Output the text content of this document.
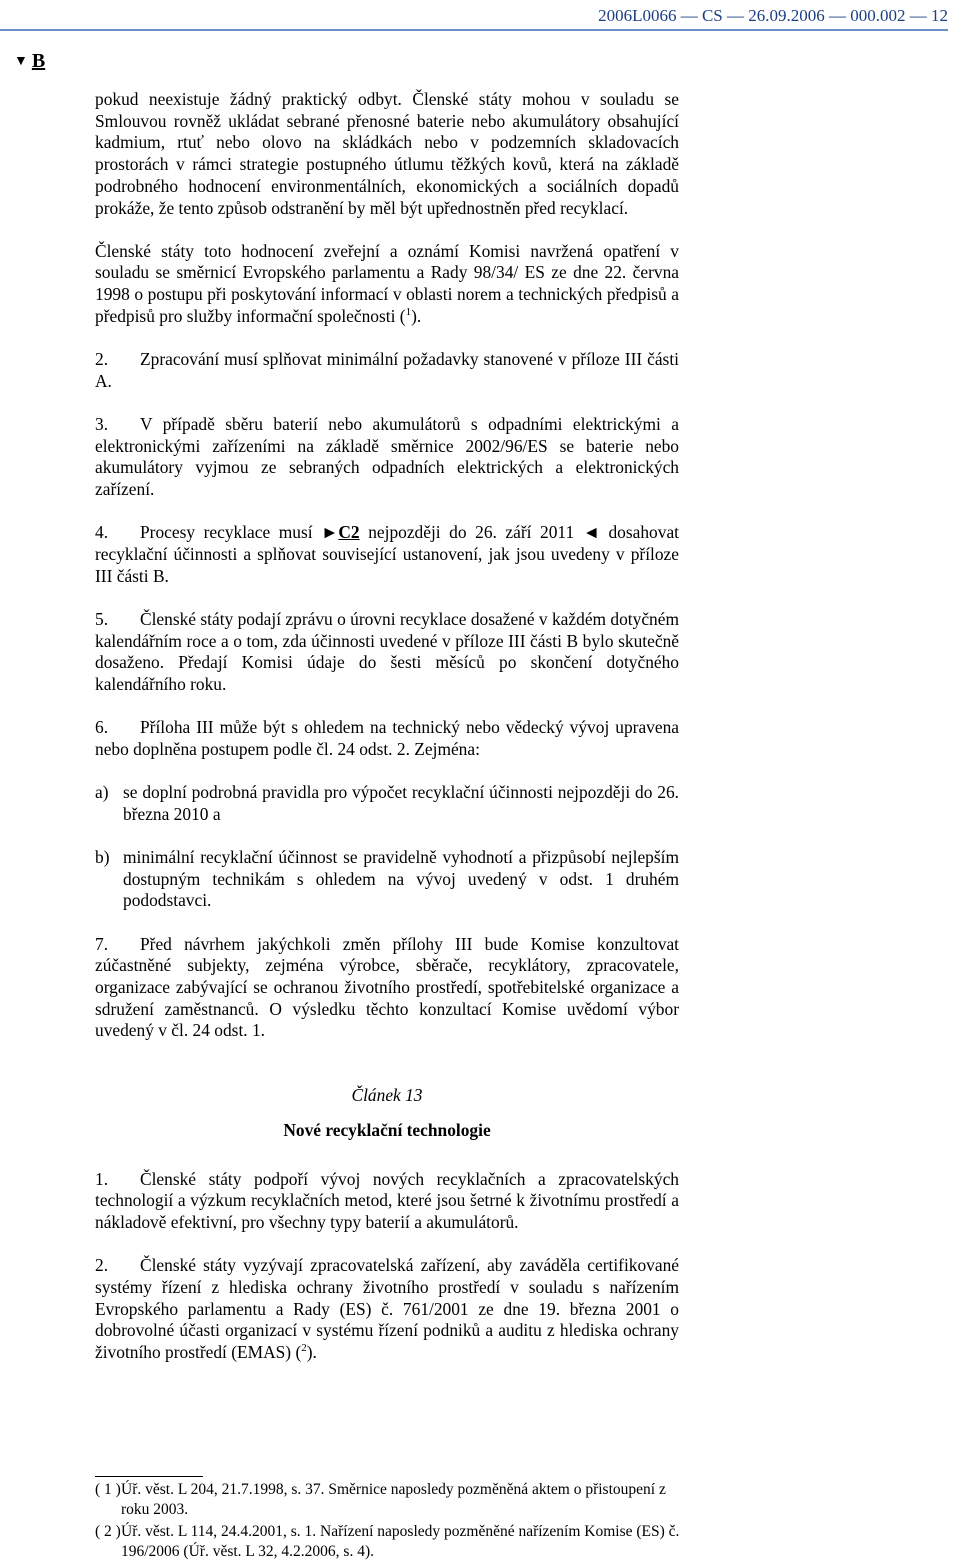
2006L0066 — CS — 26.09.2006 — 000.002 — 12
▼ B

pokud neexistuje žádný praktický odbyt. Členské státy mohou v souladu se Smlouvou rovněž ukládat sebrané přenosné baterie nebo akumulátory obsahující kadmium, rtuť nebo olovo na skládkách nebo v podzemních skladovacích prostorách v rámci strategie postupného útlumu těžkých kovů, která na základě podrobného hodnocení environmentálních, ekonomických a sociálních dopadů prokáže, že tento způsob odstranění by měl být upřednostněn před recyklací.

Členské státy toto hodnocení zveřejní a oznámí Komisi navržená opatření v souladu se směrnicí Evropského parlamentu a Rady 98/34/ ES ze dne 22. června 1998 o postupu při poskytování informací v oblasti norem a technických předpisů a předpisů pro služby informační společnosti ($^1$).

2. Zpracování musí splňovat minimální požadavky stanovené v příloze III části A.

3. V případě sběru baterií nebo akumulátorů s odpadními elektrickými a elektronickými zařízeními na základě směrnice 2002/96/ES se baterie nebo akumulátory vyjmou ze sebraných odpadních elektrických a elektronických zařízení.

4. Procesy recyklace musí ►C2 nejpozději do 26. září 2011 ◄ dosahovat recyklační účinnosti a splňovat související ustanovení, jak jsou uvedeny v příloze III části B.

5. Členské státy podají zprávu o úrovni recyklace dosažené v každém dotyčném kalendářním roce a o tom, zda účinnosti uvedené v příloze III části B bylo skutečně dosaženo. Předají Komisi údaje do šesti měsíců po skončení dotyčného kalendářního roku.

6. Příloha III může být s ohledem na technický nebo vědecký vývoj upravena nebo doplněna postupem podle čl. 24 odst. 2. Zejména:

a) se doplní podrobná pravidla pro výpočet recyklační účinnosti nejpozději do 26. března 2010 a
b) minimální recyklační účinnost se pravidelně vyhodnotí a přizpůsobí nejlepším dostupným technikám s ohledem na vývoj uvedený v odst. 1 druhém pododstavci.

7. Před návrhem jakýchkoli změn přílohy III bude Komise konzultovat zúčastněné subjekty, zejména výrobce, sběrače, recyklátory, zpracovatele, organizace zabývající se ochranou životního prostředí, spotřebitelské organizace a sdružení zaměstnanců. O výsledku těchto konzultací Komise uvědomí výbor uvedený v čl. 24 odst. 1.

Článek 13
Nové recyklační technologie

1. Členské státy podpoří vývoj nových recyklačních a zpracovatelských technologií a výzkum recyklačních metod, které jsou šetrné k životnímu prostředí a nákladově efektivní, pro všechny typy baterií a akumulátorů.

2. Členské státy vyzývají zpracovatelská zařízení, aby zaváděla certifikované systémy řízení z hlediska ochrany životního prostředí v souladu s nařízením Evropského parlamentu a Rady (ES) č. 761/2001 ze dne 19. března 2001 o dobrovolné účasti organizací v systému řízení podniků a auditu z hlediska ochrany životního prostředí (EMAS) ($^2$).

( 1 ) Úř. věst. L 204, 21.7.1998, s. 37. Směrnice naposledy pozměněná aktem o přistoupení z roku 2003.
( 2 ) Úř. věst. L 114, 24.4.2001, s. 1. Nařízení naposledy pozměněné nařízením Komise (ES) č. 196/2006 (Úř. věst. L 32, 4.2.2006, s. 4).
